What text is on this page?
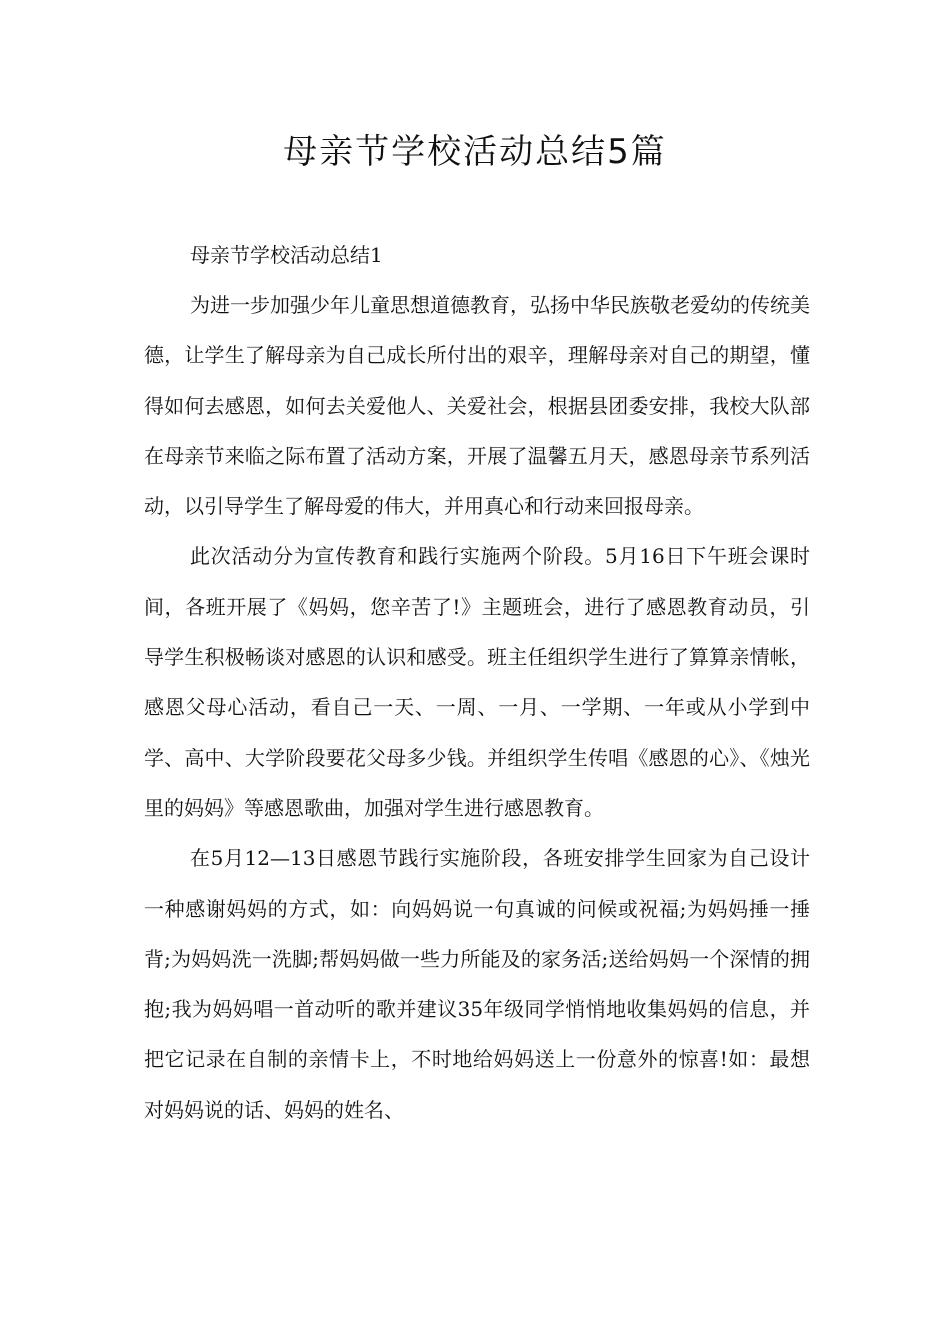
母亲节学校活动总结5篇

母亲节学校活动总结1

为进一步加强少年儿童思想道德教育，弘扬中华民族敬老爱幼的传统美德，让学生了解母亲为自己成长所付出的艰辛，理解母亲对自己的期望，懂得如何去感恩，如何去关爱他人、关爱社会，根据县团委安排，我校大队部在母亲节来临之际布置了活动方案，开展了温馨五月天，感恩母亲节系列活动，以引导学生了解母爱的伟大，并用真心和行动来回报母亲。

此次活动分为宣传教育和践行实施两个阶段。5月16日下午班会课时间，各班开展了《妈妈，您辛苦了!》主题班会，进行了感恩教育动员，引导学生积极畅谈对感恩的认识和感受。班主任组织学生进行了算算亲情帐，感恩父母心活动，看自己一天、一周、一月、一学期、一年或从小学到中学、高中、大学阶段要花父母多少钱。并组织学生传唱《感恩的心》、《烛光里的妈妈》等感恩歌曲，加强对学生进行感恩教育。

在5月12—13日感恩节践行实施阶段，各班安排学生回家为自己设计一种感谢妈妈的方式，如：向妈妈说一句真诚的问候或祝福;为妈妈捶一捶背;为妈妈洗一洗脚;帮妈妈做一些力所能及的家务活;送给妈妈一个深情的拥抱;我为妈妈唱一首动听的歌并建议35年级同学悄悄地收集妈妈的信息，并把它记录在自制的亲情卡上，不时地给妈妈送上一份意外的惊喜!如：最想对妈妈说的话、妈妈的姓名、
